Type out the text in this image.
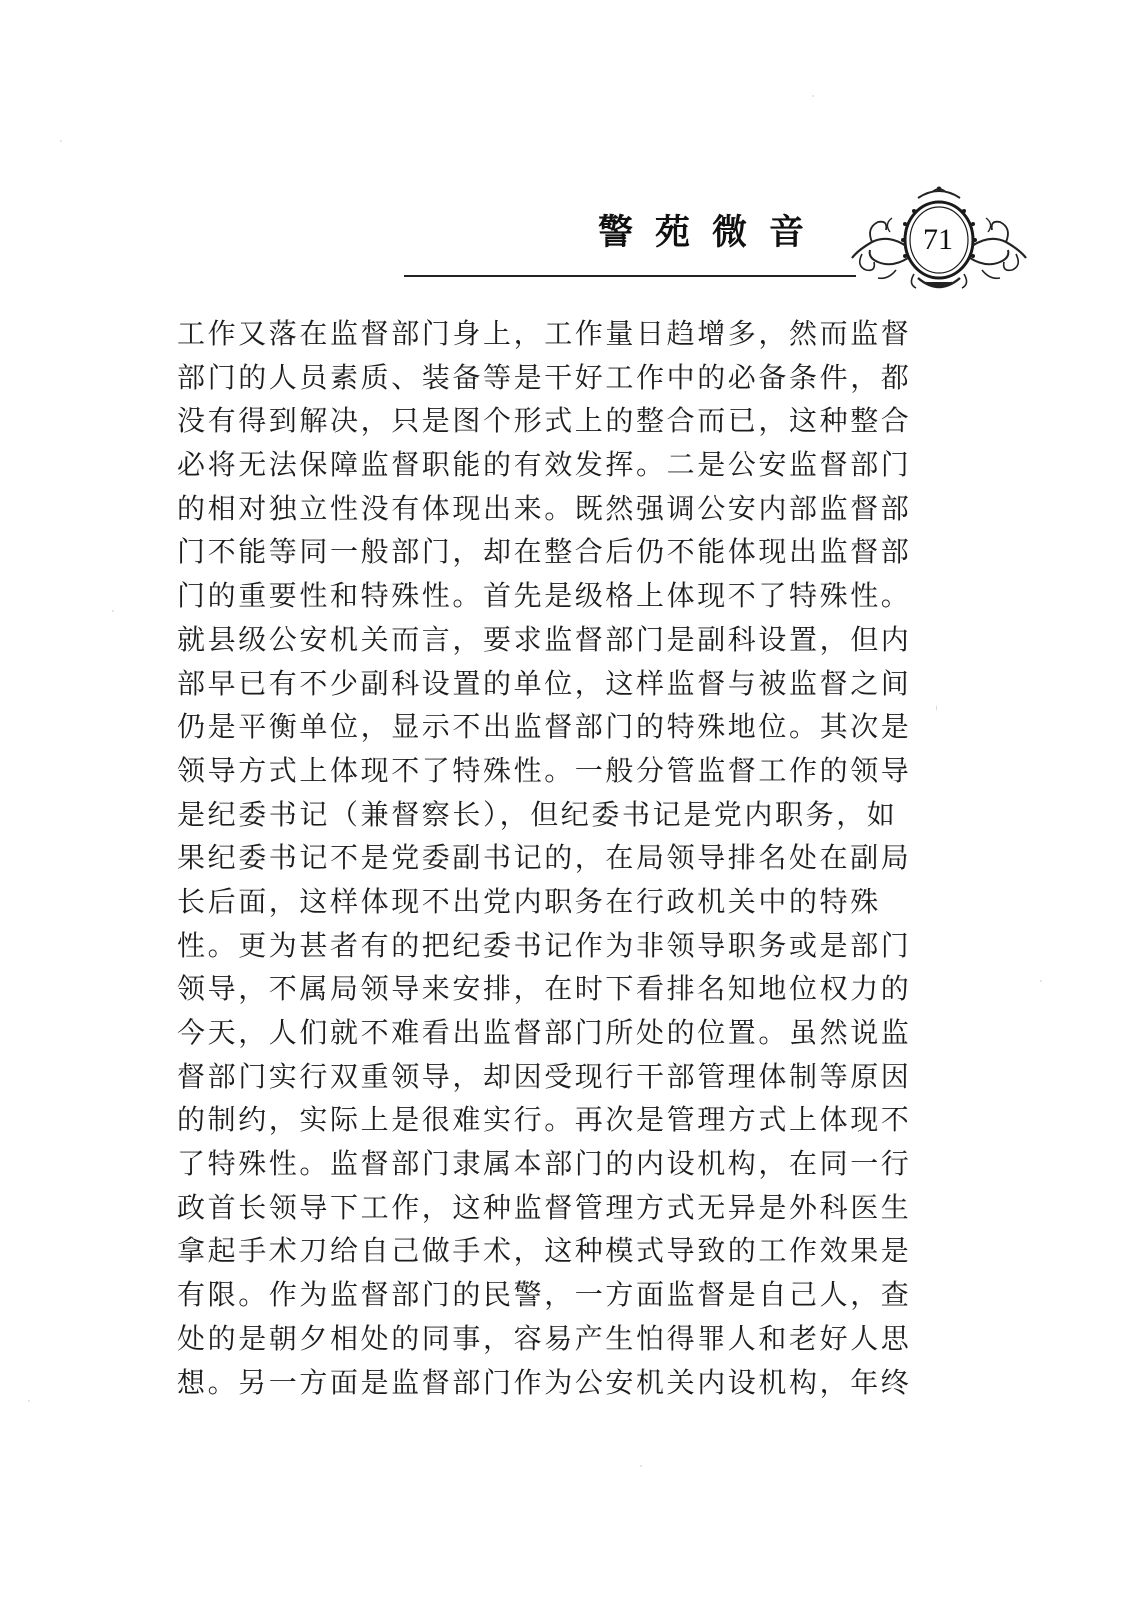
警苑微音	71
工作又落在监督部门身上，工作量日趋增多，然而监督
部门的人员素质、装备等是干好工作中的必备条件，都
没有得到解决，只是图个形式上的整合而已，这种整合
必将无法保障监督职能的有效发挥。二是公安监督部门
的相对独立性没有体现出来。既然强调公安内部监督部
门不能等同一般部门，却在整合后仍不能体现出监督部
门的重要性和特殊性。首先是级格上体现不了特殊性。
就县级公安机关而言，要求监督部门是副科设置，但内
部早已有不少副科设置的单位，这样监督与被监督之间
仍是平衡单位，显示不出监督部门的特殊地位。其次是
领导方式上体现不了特殊性。一般分管监督工作的领导
是纪委书记（兼督察长），但纪委书记是党内职务，如
果纪委书记不是党委副书记的，在局领导排名处在副局
长后面，这样体现不出党内职务在行政机关中的特殊
性。更为甚者有的把纪委书记作为非领导职务或是部门
领导，不属局领导来安排，在时下看排名知地位权力的
今天，人们就不难看出监督部门所处的位置。虽然说监
督部门实行双重领导，却因受现行干部管理体制等原因
的制约，实际上是很难实行。再次是管理方式上体现不
了特殊性。监督部门隶属本部门的内设机构，在同一行
政首长领导下工作，这种监督管理方式无异是外科医生
拿起手术刀给自己做手术，这种模式导致的工作效果是
有限。作为监督部门的民警，一方面监督是自己人，查
处的是朝夕相处的同事，容易产生怕得罪人和老好人思
想。另一方面是监督部门作为公安机关内设机构，年终
